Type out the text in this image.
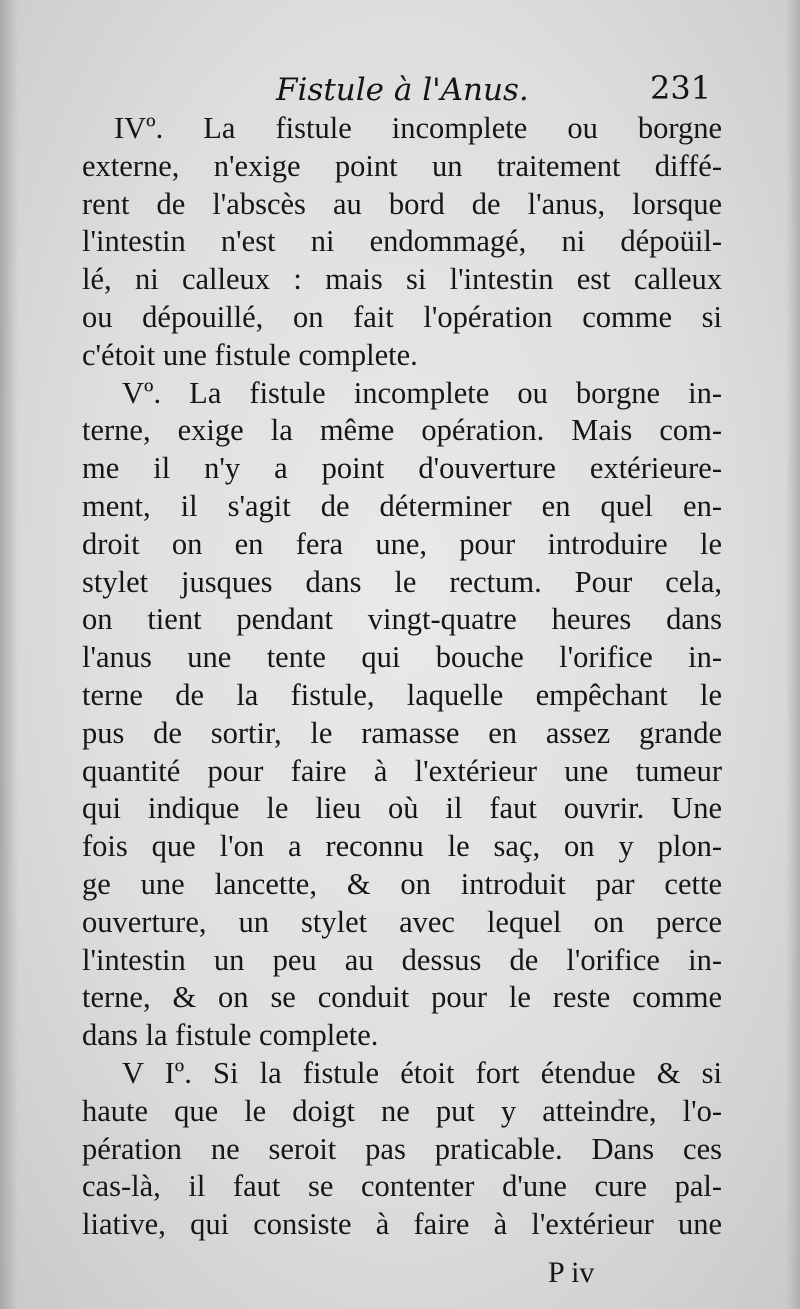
Fistule à l'Anus.	231
IVº. La fistule incomplete ou borgne
externe, n'exige point un traitement diffé-
rent de l'abscès au bord de l'anus, lorsque
l'intestin n'est ni endommagé, ni dépoüil-
lé, ni calleux : mais si l'intestin est calleux
ou dépouillé, on fait l'opération comme si
c'étoit une fistule complete.
Vº. La fistule incomplete ou borgne in-
terne, exige la même opération. Mais com-
me il n'y a point d'ouverture extérieure-
ment, il s'agit de déterminer en quel en-
droit on en fera une, pour introduire le
stylet jusques dans le rectum. Pour cela,
on tient pendant vingt-quatre heures dans
l'anus une tente qui bouche l'orifice in-
terne de la fistule, laquelle empêchant le
pus de sortir, le ramasse en assez grande
quantité pour faire à l'extérieur une tumeur
qui indique le lieu où il faut ouvrir. Une
fois que l'on a reconnu le saç, on y plon-
ge une lancette, & on introduit par cette
ouverture, un stylet avec lequel on perce
l'intestin un peu au dessus de l'orifice in-
terne, & on se conduit pour le reste comme
dans la fistule complete.
V Iº. Si la fistule étoit fort étendue & si
haute que le doigt ne put y atteindre, l'o-
pération ne seroit pas praticable. Dans ces
cas-là, il faut se contenter d'une cure pal-
liative, qui consiste à faire à l'extérieur une
P iv
